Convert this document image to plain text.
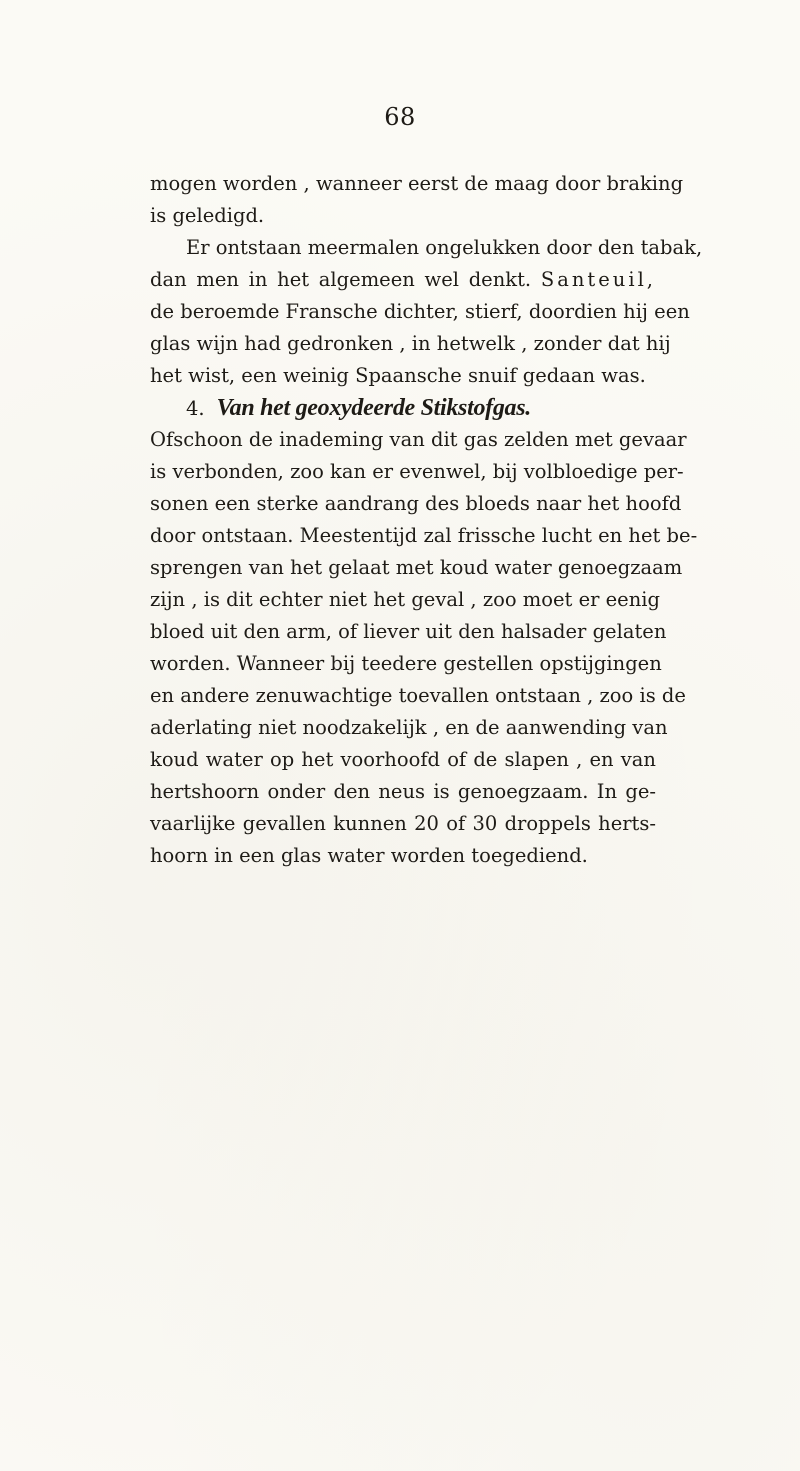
68
mogen worden , wanneer eerst de maag door braking
is geledigd.
Er ontstaan meermalen ongelukken door den tabak,
dan men in het algemeen wel denkt. Santeuil,
de beroemde Fransche dichter, stierf, doordien hij een
glas wijn had gedronken , in hetwelk , zonder dat hij
het wist, een weinig Spaansche snuif gedaan was.
4. Van het geoxydeerde Stikstofgas.
Ofschoon de inademing van dit gas zelden met gevaar
is verbonden, zoo kan er evenwel, bij volbloedige per-
sonen een sterke aandrang des bloeds naar het hoofd
door ontstaan. Meestentijd zal frissche lucht en het be-
sprengen van het gelaat met koud water genoegzaam
zijn , is dit echter niet het geval , zoo moet er eenig
bloed uit den arm, of liever uit den halsader gelaten
worden. Wanneer bij teedere gestellen opstijgingen
en andere zenuwachtige toevallen ontstaan , zoo is de
aderlating niet noodzakelijk , en de aanwending van
koud water op het voorhoofd of de slapen , en van
hertshoorn onder den neus is genoegzaam. In ge-
vaarlijke gevallen kunnen 20 of 30 droppels herts-
hoorn in een glas water worden toegediend.
